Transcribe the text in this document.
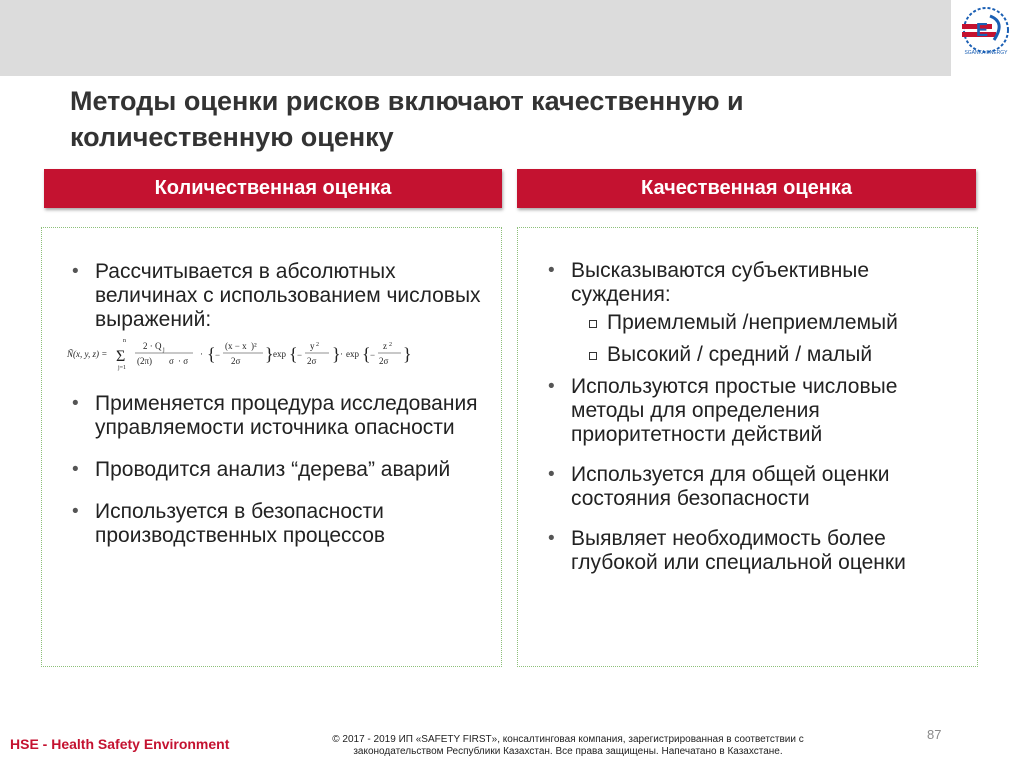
E
SGANKA ENERGY
Методы оценки рисков включают качественную и количественную оценку
Количественная оценка	Качественная оценка
• Рассчитывается в абсолютных величинах с использованием числовых выражений:
Ñ(x, y, z) =
n
Σ
j=1
2 · Q j
(2π) σ · σ
· { −
(x − x )²
2σ } exp { −
y 2
2σ } · exp { −
z 2
2σ }
• Применяется процедура исследования управляемости источника опасности
• Проводится анализ “дерева” аварий
• Используется в безопасности производственных процессов
• Высказываются субъективные суждения:
Приемлемый /неприемлемый
Высокий / средний / малый
• Используются простые числовые методы для определения приоритетности действий
• Используется для общей оценки состояния безопасности
• Выявляет необходимость более глубокой или специальной оценки
HSE - Health Safety Environment	© 2017 - 2019 ИП «SAFETY FIRST», консалтинговая компания, зарегистрированная в соответствии с
законодательством Республики Казахстан. Все права защищены. Напечатано в Казахстане.
87
